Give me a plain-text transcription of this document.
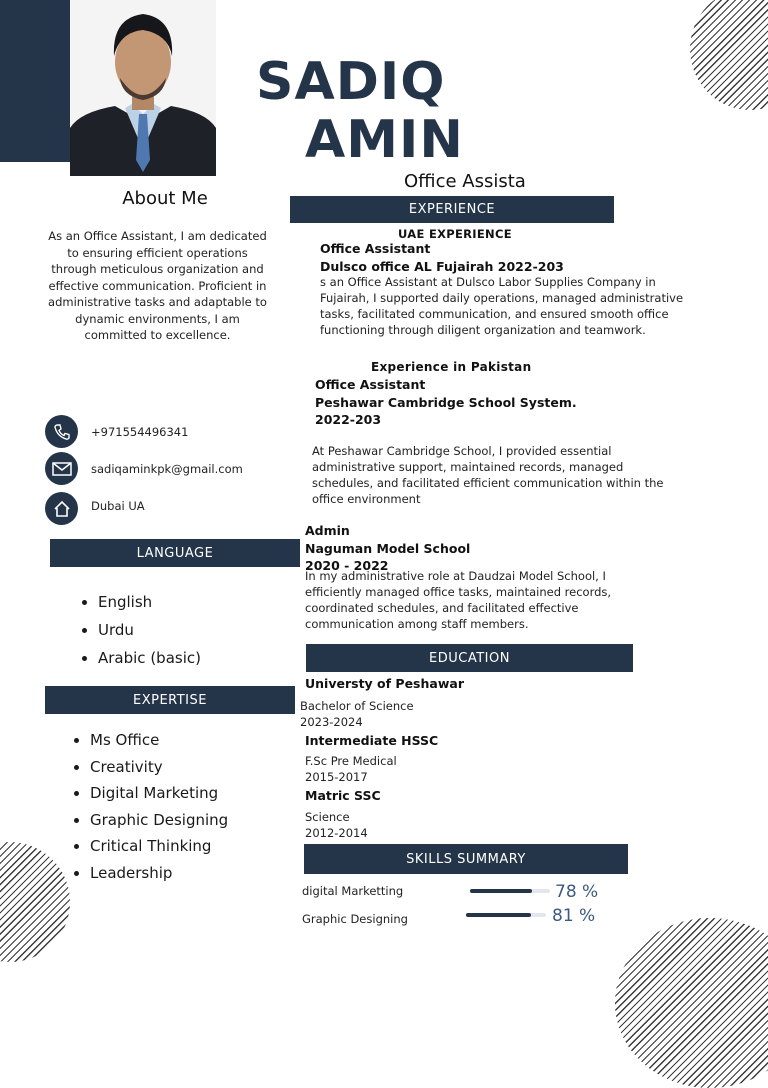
SADIQ
AMIN
Office Assista
About Me
As an Office Assistant, I am dedicated to ensuring efficient operations through meticulous organization and effective communication. Proficient in administrative tasks and adaptable to dynamic environments, I am committed to excellence.
+971554496341
sadiqaminkpk@gmail.com
Dubai UA
LANGUAGE
English
Urdu
Arabic (basic)
EXPERTISE
Ms Office
Creativity
Digital Marketing
Graphic Designing
Critical Thinking
Leadership
EXPERIENCE
UAE EXPERIENCE
Office Assistant
Dulsco office AL Fujairah 2022-203
s an Office Assistant at Dulsco Labor Supplies Company in Fujairah, I supported daily operations, managed administrative tasks, facilitated communication, and ensured smooth office functioning through diligent organization and teamwork.
Experience in Pakistan
Office Assistant
Peshawar Cambridge School System.
2022-203
At Peshawar Cambridge School, I provided essential administrative support, maintained records, managed schedules, and facilitated efficient communication within the office environment
Admin
Naguman Model School
2020 - 2022
In my administrative role at Daudzai Model School, I efficiently managed office tasks, maintained records, coordinated schedules, and facilitated effective communication among staff members.
EDUCATION
Universty of Peshawar
Bachelor of Science
2023-2024
Intermediate HSSC
F.Sc Pre Medical
2015-2017
Matric SSC
Science
2012-2014
SKILLS SUMMARY
digital Marketting	78 %
Graphic Designing	81 %
